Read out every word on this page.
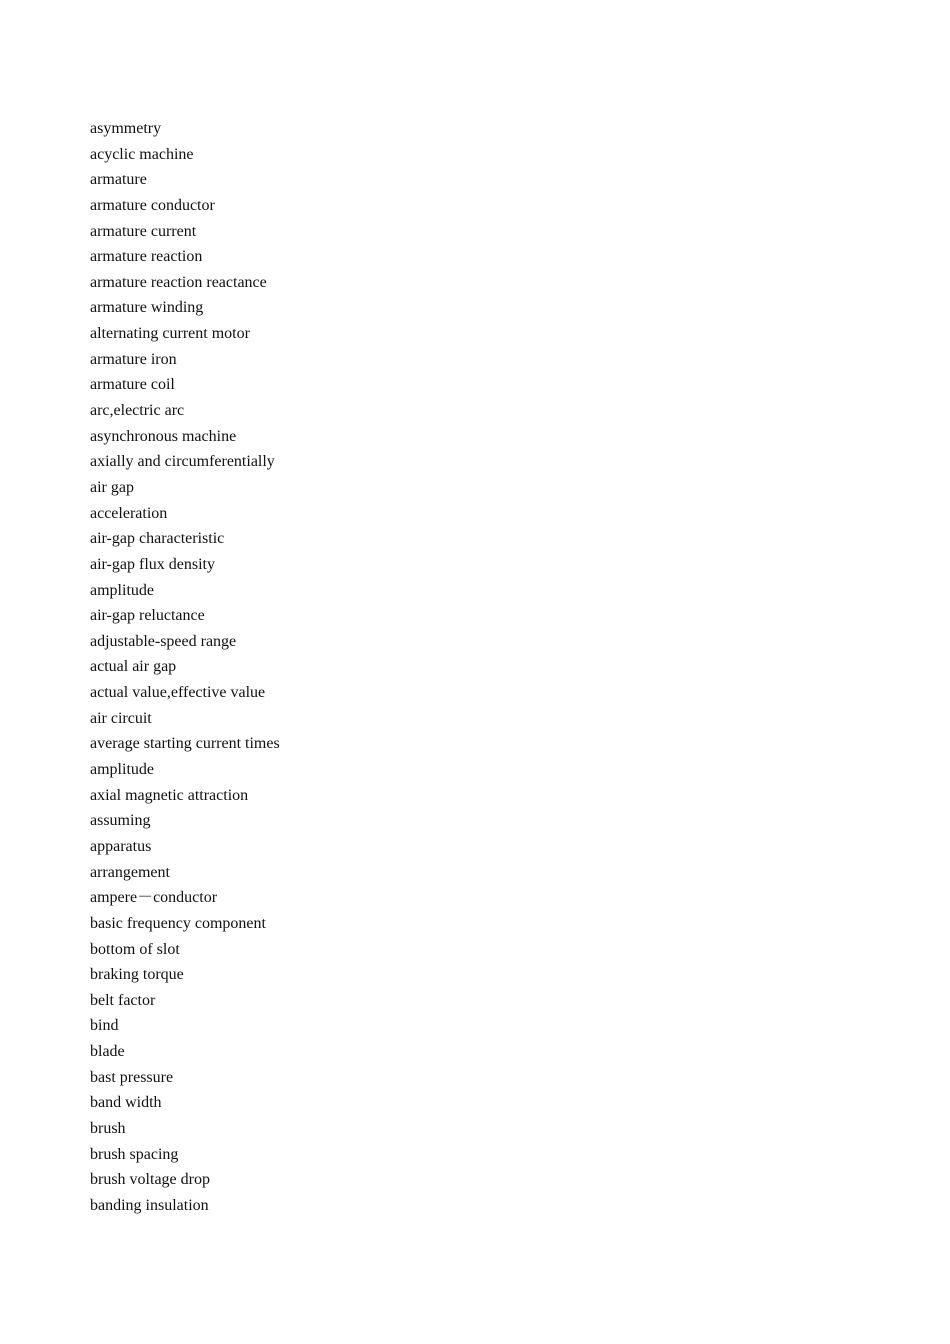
asymmetry
acyclic machine
armature
armature conductor
armature current
armature reaction
armature reaction reactance
armature winding
alternating current motor
armature iron
armature coil
arc,electric arc
asynchronous machine
axially and circumferentially
air gap
acceleration
air-gap characteristic
air-gap flux density
amplitude
air-gap reluctance
adjustable-speed range
actual air gap
actual value,effective value
air circuit
average starting current times
amplitude
axial magnetic attraction
assuming
apparatus
arrangement
ampere－conductor
basic frequency component
bottom of slot
braking torque
belt factor
bind
blade
bast pressure
band width
brush
brush spacing
brush voltage drop
banding insulation
